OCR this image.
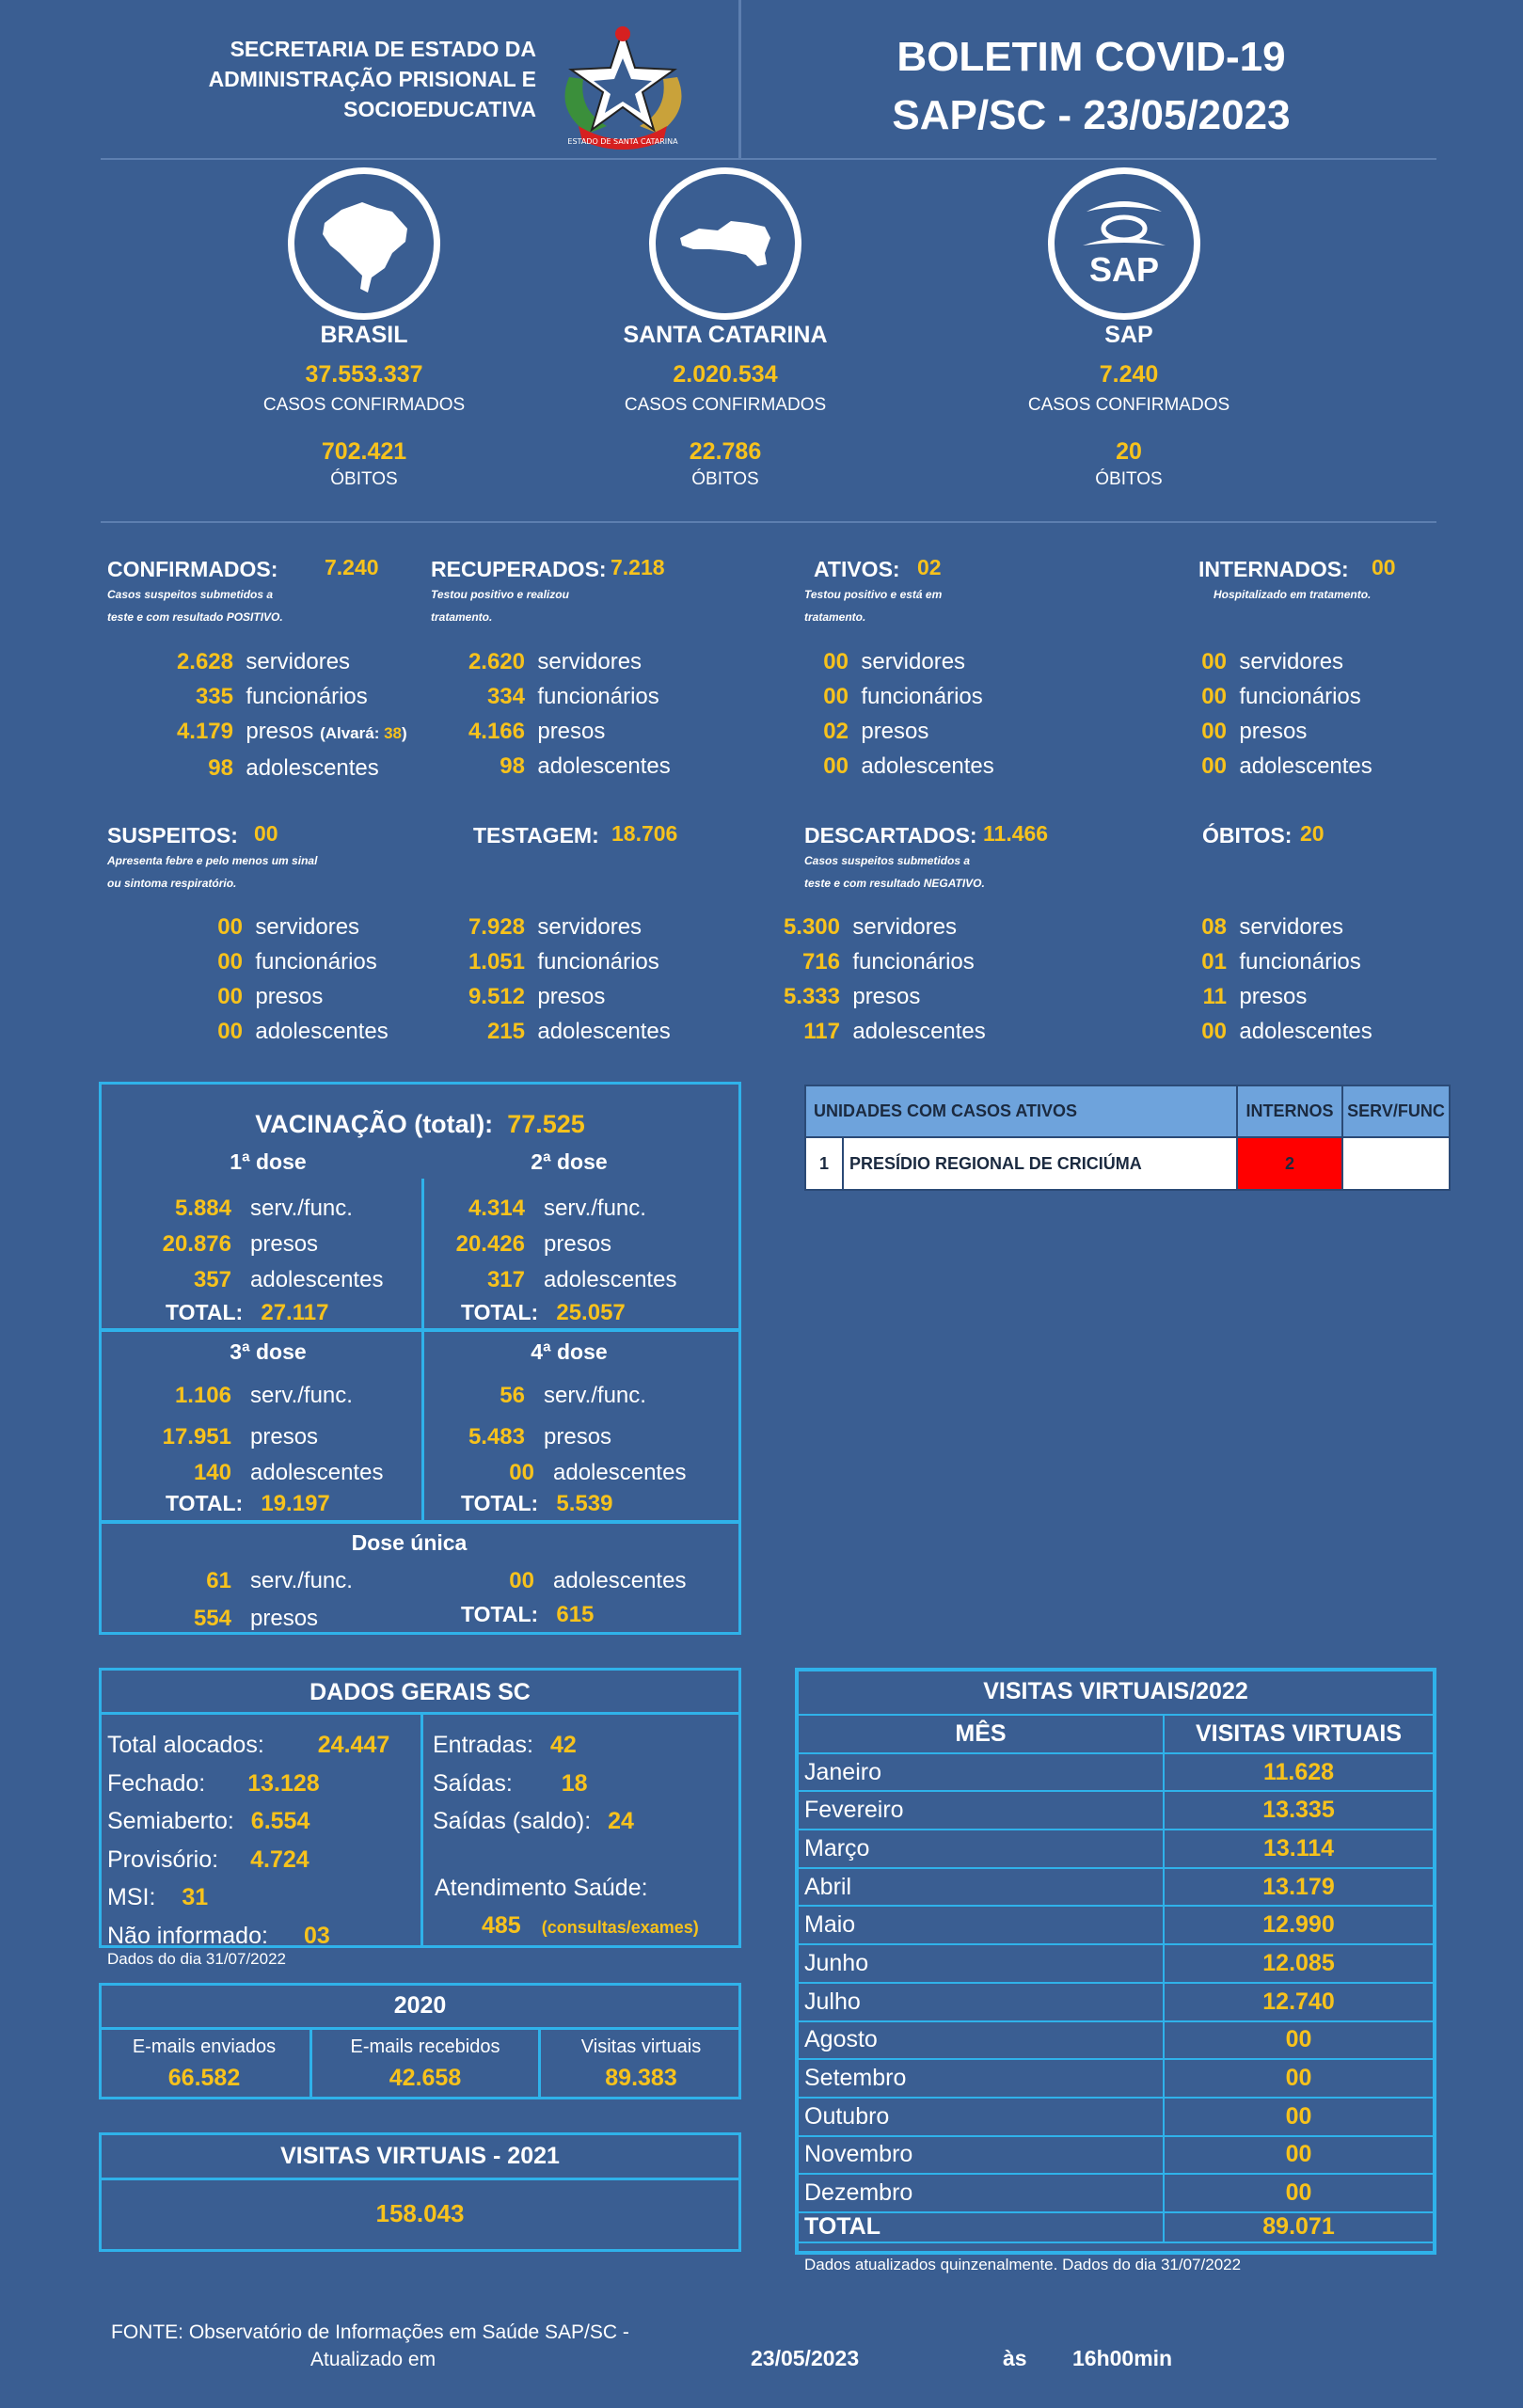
SECRETARIA DE ESTADO DA
ADMINISTRAÇÃO PRISIONAL E
SOCIOEDUCATIVA
ESTADO DE SANTA CATARINA
BOLETIM COVID-19
SAP/SC - 23/05/2023
SAP
BRASIL
37.553.337
CASOS CONFIRMADOS
702.421
ÓBITOS
SANTA CATARINA
2.020.534
CASOS CONFIRMADOS
22.786
ÓBITOS
SAP
7.240
CASOS CONFIRMADOS
20
ÓBITOS
CONFIRMADOS: 7.240
Casos suspeitos submetidos a
teste e com resultado POSITIVO.
2.628 servidores
335 funcionários
4.179 presos (Alvará: 38)
98 adolescentes
RECUPERADOS: 7.218
Testou positivo e realizou
tratamento.
2.620 servidores
334 funcionários
4.166 presos
98 adolescentes
ATIVOS: 02
Testou positivo e está em
tratamento.
00 servidores
00 funcionários
02 presos
00 adolescentes
INTERNADOS: 00
Hospitalizado em tratamento.
00 servidores
00 funcionários
00 presos
00 adolescentes
SUSPEITOS: 00
Apresenta febre e pelo menos um sinal
ou sintoma respiratório.
00 servidores
00 funcionários
00 presos
00 adolescentes
TESTAGEM: 18.706
7.928 servidores
1.051 funcionários
9.512 presos
215 adolescentes
DESCARTADOS: 11.466
Casos suspeitos submetidos a
teste e com resultado NEGATIVO.
5.300 servidores
716 funcionários
5.333 presos
117 adolescentes
ÓBITOS: 20
08 servidores
01 funcionários
11 presos
00 adolescentes
VACINAÇÃO (total): 77.525
1ª dose
5.884 serv./func.
20.876 presos
357 adolescentes
TOTAL: 27.117
2ª dose
4.314 serv./func.
20.426 presos
317 adolescentes
TOTAL: 25.057
3ª dose
1.106 serv./func.
17.951 presos
140 adolescentes
TOTAL: 19.197
4ª dose
56 serv./func.
5.483 presos
00 adolescentes
TOTAL: 5.539
Dose única
61 serv./func.
554 presos
00 adolescentes
TOTAL: 615
UNIDADES COM CASOS ATIVOS		INTERNOS	SERV/FUNC
1	PRESÍDIO REGIONAL DE CRICIÚMA	2	
DADOS GERAIS SC
Total alocados: 24.447
Fechado: 13.128
Semiaberto: 6.554
Provisório: 4.724
MSI: 31
Não informado: 03
Entradas: 42
Saídas: 18
Saídas (saldo): 24
Atendimento Saúde:
485 (consultas/exames)
Dados do dia 31/07/2022
2020
E-mails enviados
66.582
E-mails recebidos
42.658
Visitas virtuais
89.383
VISITAS VIRTUAIS - 2021
158.043
VISITAS VIRTUAIS/2022
MÊS	VISITAS VIRTUAIS
Janeiro	11.628
Fevereiro	13.335
Março	13.114
Abril	13.179
Maio	12.990
Junho	12.085
Julho	12.740
Agosto	00
Setembro	00
Outubro	00
Novembro	00
Dezembro	00
TOTAL	89.071
Dados atualizados quinzenalmente. Dados do dia 31/07/2022
FONTE: Observatório de Informações em Saúde SAP/SC -
Atualizado em	23/05/2023	às 16h00min
